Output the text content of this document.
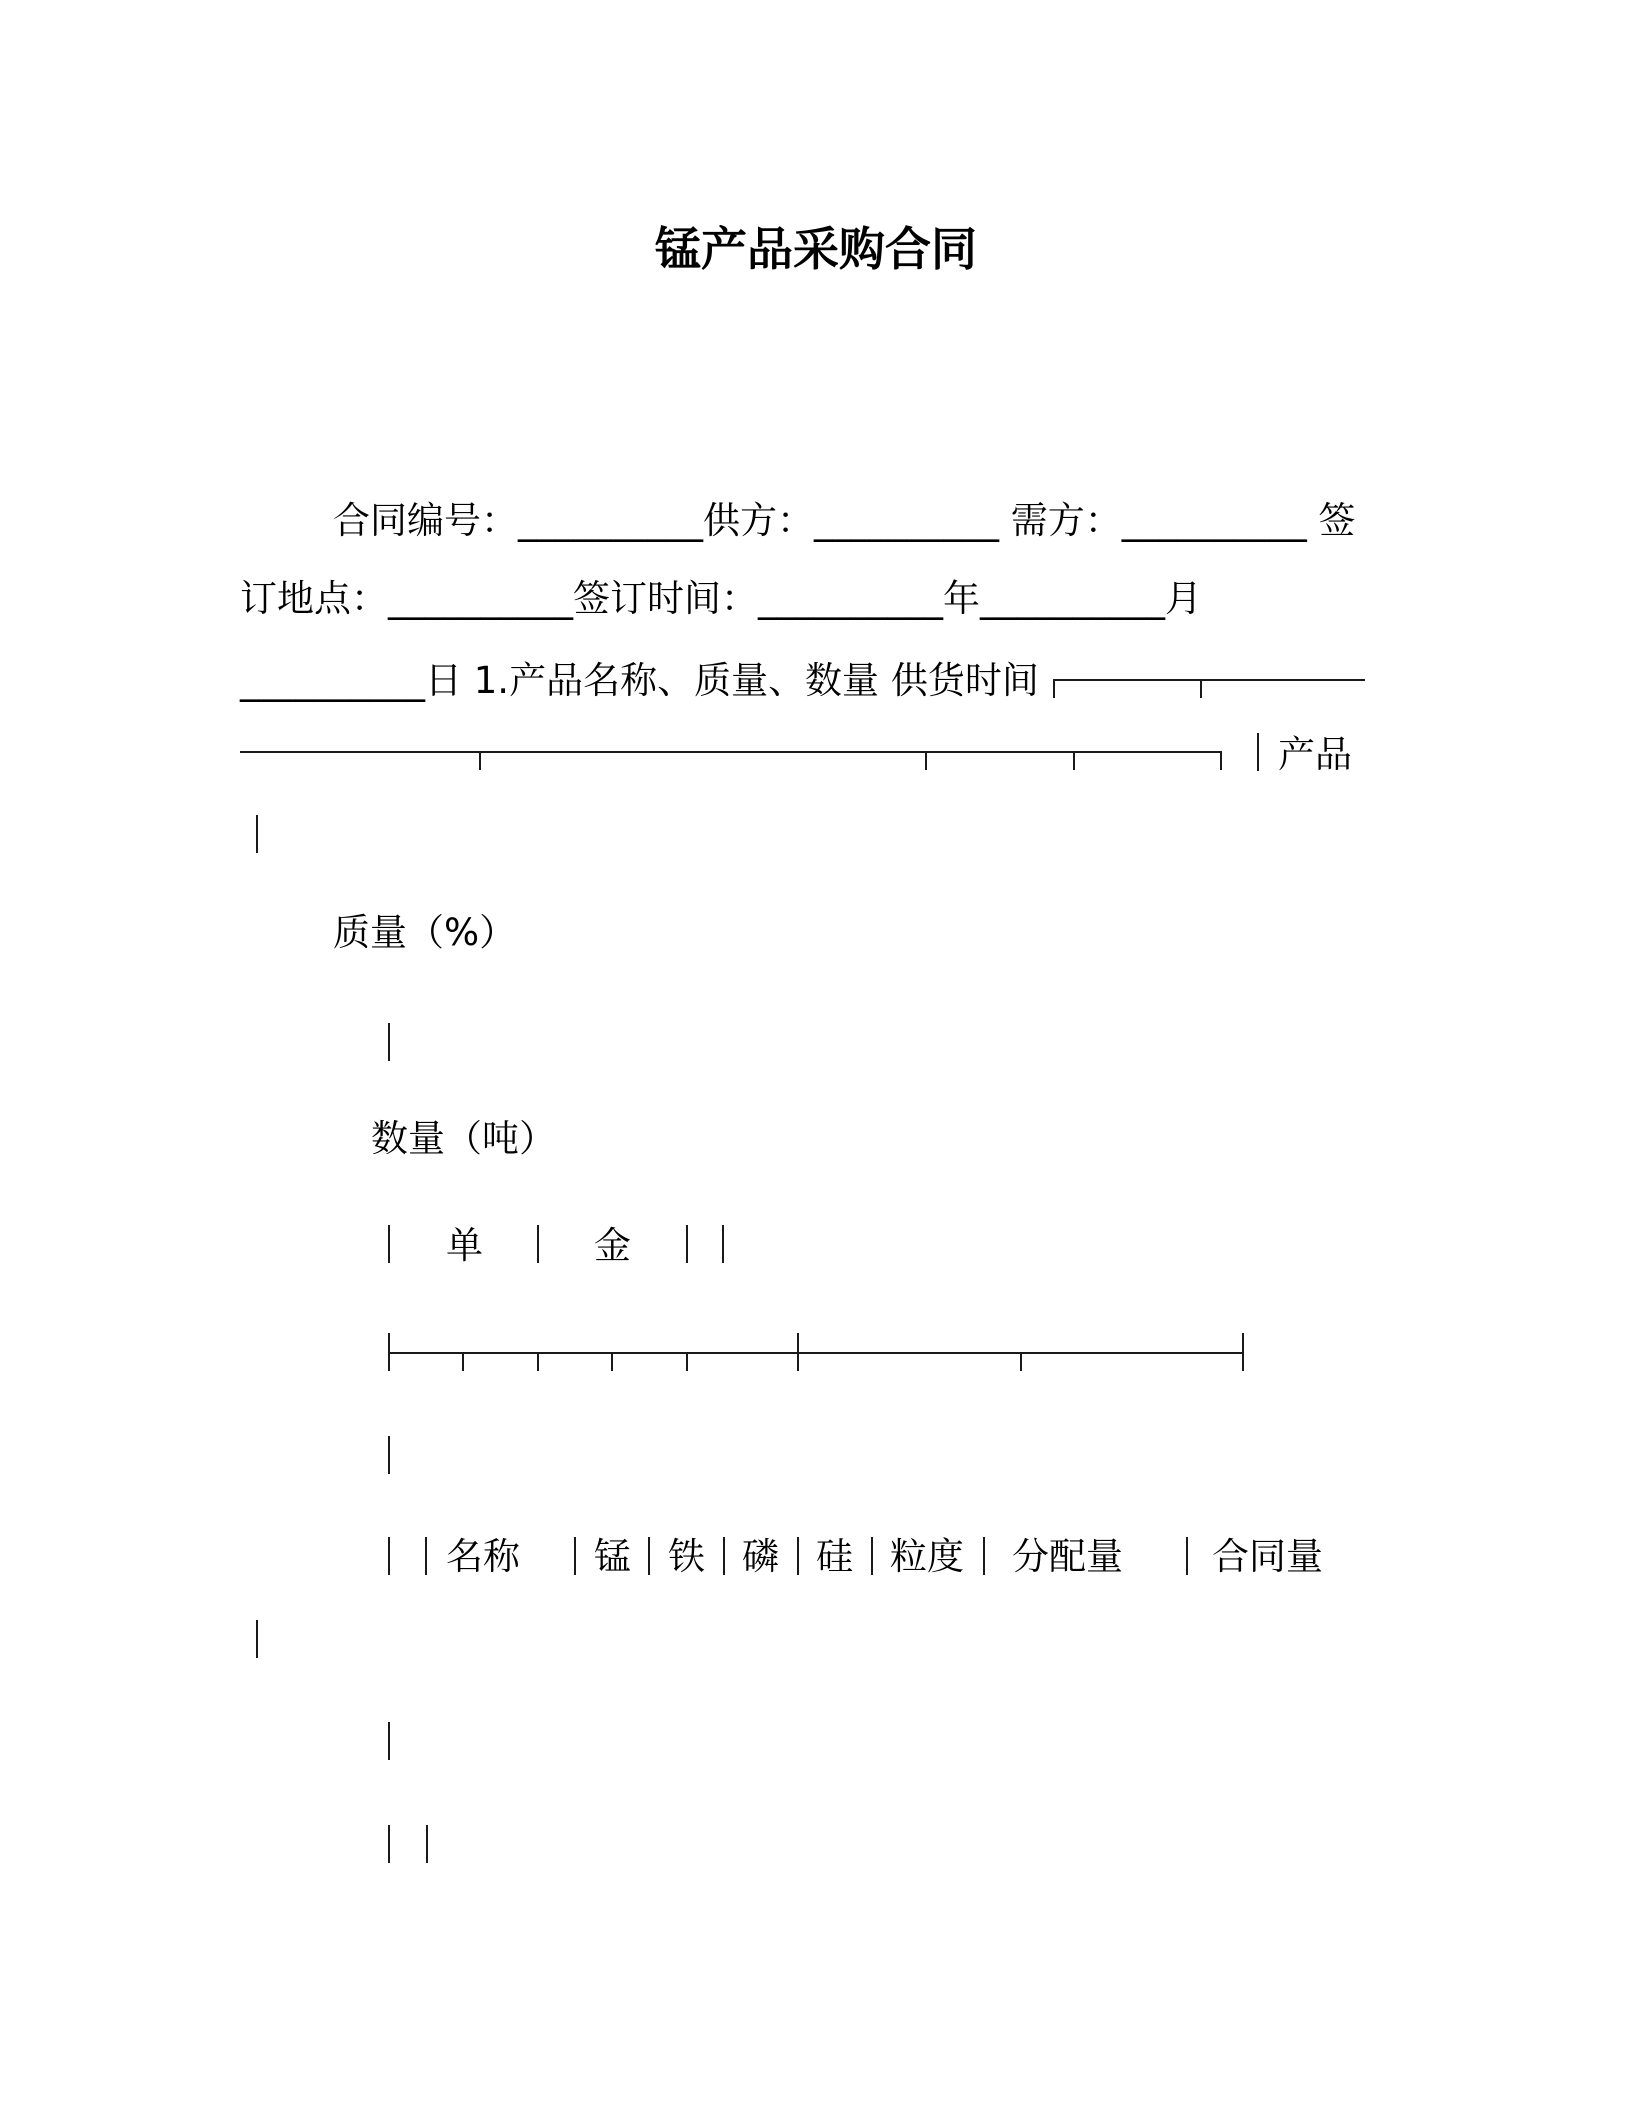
锰产品采购合同
合同编号：__________供方：__________ 需方：__________ 签
订地点：__________签订时间：__________年__________月
__________日 1.产品名称、质量、数量 供货时间
产品
质量（%）
数量（吨）
单	金
名称 锰 铁 磷 硅 粒度 分配量 合同量
